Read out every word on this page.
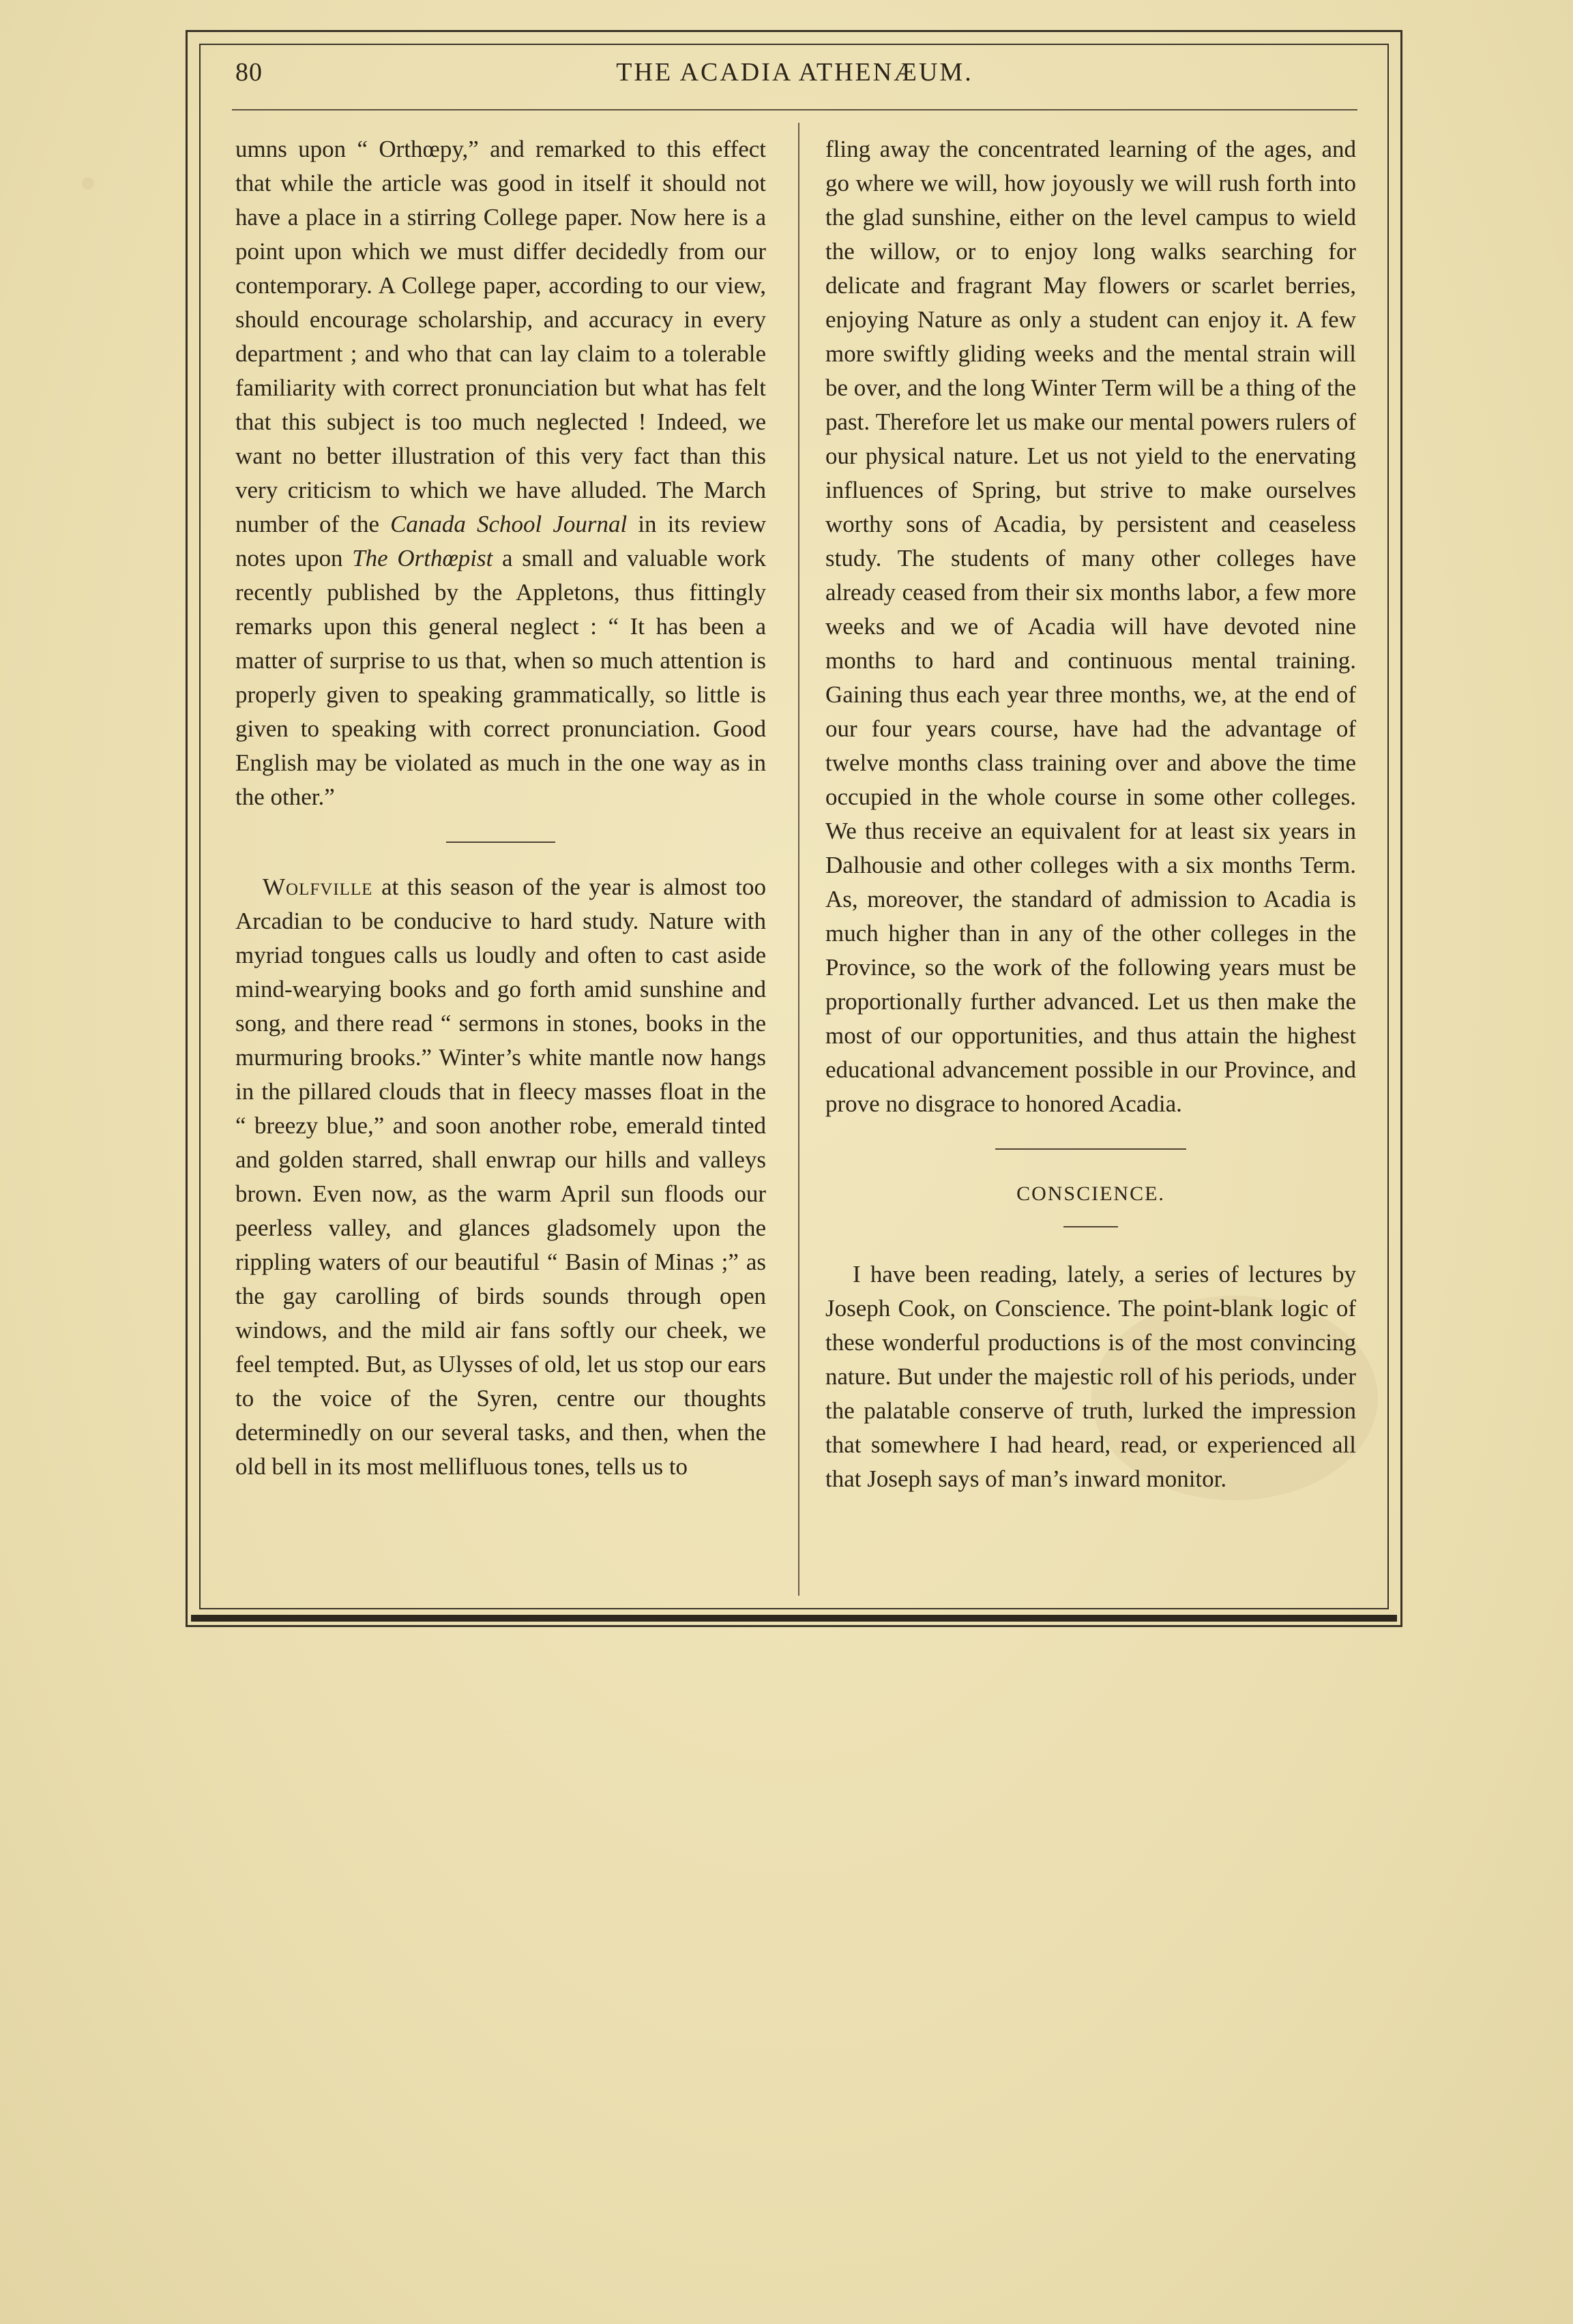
80	THE ACADIA ATHENÆUM.

umns upon “ Orthœpy,” and remarked to this effect that while the article was good in itself it should not have a place in a stirring College paper. Now here is a point upon which we must differ decidedly from our contemporary. A College paper, according to our view, should encourage scholarship, and accuracy in every department ; and who that can lay claim to a tolerable familiarity with correct pronunciation but what has felt that this subject is too much neglected ! Indeed, we want no better illustration of this very fact than this very criticism to which we have alluded. The March number of the Canada School Journal in its review notes upon The Orthœpist a small and valuable work recently published by the Appletons, thus fittingly remarks upon this general neglect : “ It has been a matter of surprise to us that, when so much attention is properly given to speaking grammatically, so little is given to speaking with correct pronunciation. Good English may be violated as much in the one way as in the other.”

Wolfville at this season of the year is almost too Arcadian to be conducive to hard study. Nature with myriad tongues calls us loudly and often to cast aside mind-wearying books and go forth amid sunshine and song, and there read “ sermons in stones, books in the murmuring brooks.” Winter’s white mantle now hangs in the pillared clouds that in fleecy masses float in the “ breezy blue,” and soon another robe, emerald tinted and golden starred, shall enwrap our hills and valleys brown. Even now, as the warm April sun floods our peerless valley, and glances gladsomely upon the rippling waters of our beautiful “ Basin of Minas ;” as the gay carolling of birds sounds through open windows, and the mild air fans softly our cheek, we feel tempted. But, as Ulysses of old, let us stop our ears to the voice of the Syren, centre our thoughts determinedly on our several tasks, and then, when the old bell in its most mellifluous tones, tells us to

fling away the concentrated learning of the ages, and go where we will, how joyously we will rush forth into the glad sunshine, either on the level campus to wield the willow, or to enjoy long walks searching for delicate and fragrant May flowers or scarlet berries, enjoying Nature as only a student can enjoy it. A few more swiftly gliding weeks and the mental strain will be over, and the long Winter Term will be a thing of the past. Therefore let us make our mental powers rulers of our physical nature. Let us not yield to the enervating influences of Spring, but strive to make ourselves worthy sons of Acadia, by persistent and ceaseless study. The students of many other colleges have already ceased from their six months labor, a few more weeks and we of Acadia will have devoted nine months to hard and continuous mental training. Gaining thus each year three months, we, at the end of our four years course, have had the advantage of twelve months class training over and above the time occupied in the whole course in some other colleges. We thus receive an equivalent for at least six years in Dalhousie and other colleges with a six months Term. As, moreover, the standard of admission to Acadia is much higher than in any of the other colleges in the Province, so the work of the following years must be proportionally further advanced. Let us then make the most of our opportunities, and thus attain the highest educational advancement possible in our Province, and prove no disgrace to honored Acadia.

CONSCIENCE.

I have been reading, lately, a series of lectures by Joseph Cook, on Conscience. The point-blank logic of these wonderful productions is of the most convincing nature. But under the majestic roll of his periods, under the palatable conserve of truth, lurked the impression that somewhere I had heard, read, or experienced all that Joseph says of man’s inward monitor.
